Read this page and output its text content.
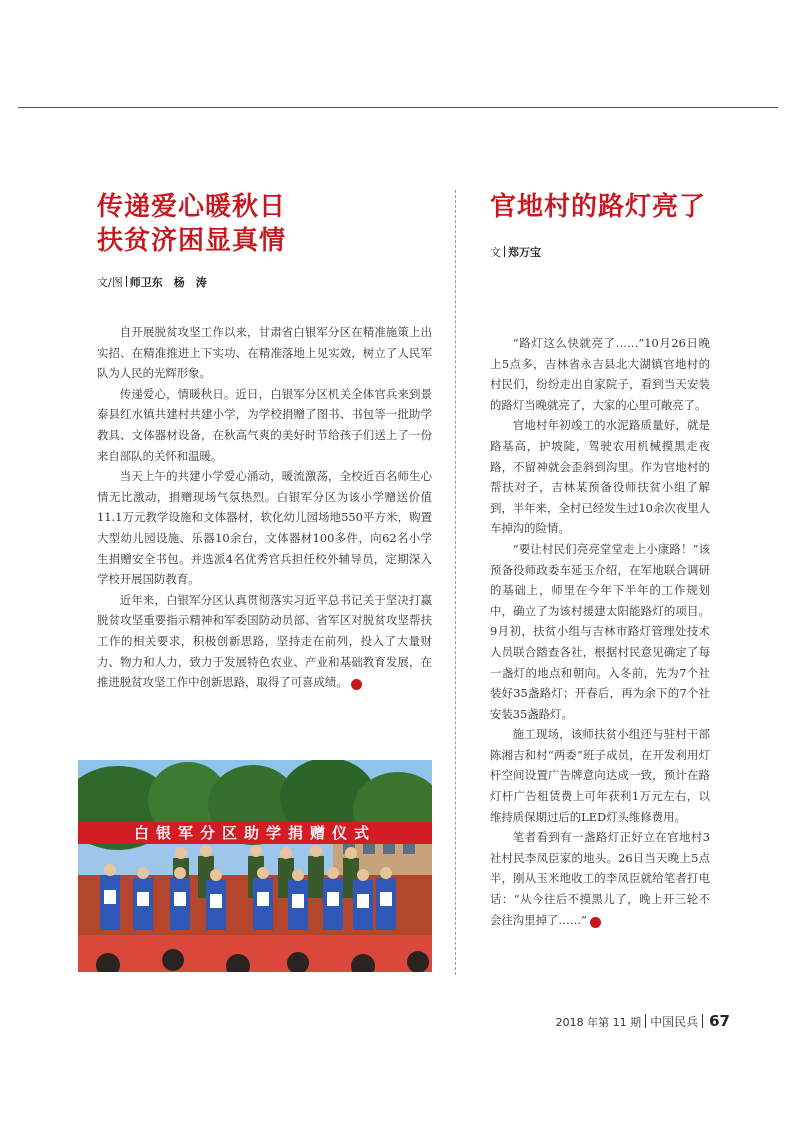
传递爱心暖秋日
扶贫济困显真情
文/图 师卫东　杨　涛

自开展脱贫攻坚工作以来，甘肃省白银军分区在精准施策上出实招、在精准推进上下实功、在精准落地上见实效，树立了人民军队为人民的光辉形象。

传递爱心，情暖秋日。近日，白银军分区机关全体官兵来到景泰县红水镇共建村共建小学，为学校捐赠了图书、书包等一批助学教具、文体器材设备，在秋高气爽的美好时节给孩子们送上了一份来自部队的关怀和温暖。

当天上午的共建小学爱心涌动，暖流激荡，全校近百名师生心情无比激动，捐赠现场气氛热烈。白银军分区为该小学赠送价值11.1万元教学设施和文体器材，软化幼儿园场地550平方米，购置大型幼儿园设施、乐器10余台，文体器材100多件，向62名小学生捐赠安全书包。并选派4名优秀官兵担任校外辅导员，定期深入学校开展国防教育。

近年来，白银军分区认真贯彻落实习近平总书记关于坚决打赢脱贫攻坚重要指示精神和军委国防动员部、省军区对脱贫攻坚帮扶工作的相关要求，积极创新思路，坚持走在前列，投入了大量财力、物力和人力，致力于发展特色农业、产业和基础教育发展，在推进脱贫攻坚工作中创新思路，取得了可喜成绩。	兵

白银军分区助学捐赠仪式
官地村的路灯亮了
文 郑万宝

“路灯这么快就亮了……”10月26日晚上5点多，吉林省永吉县北大湖镇官地村的村民们，纷纷走出自家院子，看到当天安装的路灯当晚就亮了，大家的心里可敞亮了。

官地村年初竣工的水泥路质量好，就是路基高，护坡陡，驾驶农用机械摸黑走夜路，不留神就会歪斜到沟里。作为官地村的帮扶对子，吉林某预备役师扶贫小组了解到，半年来，全村已经发生过10余次夜里人车掉沟的险情。

“要让村民们亮亮堂堂走上小康路！”该预备役师政委车延玉介绍，在军地联合调研的基础上，师里在今年下半年的工作规划中，确立了为该村援建太阳能路灯的项目。9月初，扶贫小组与吉林市路灯管理处技术人员联合踏查各社，根据村民意见确定了每一盏灯的地点和朝向。入冬前，先为7个社装好35盏路灯；开春后，再为余下的7个社安装35盏路灯。

施工现场，该师扶贫小组还与驻村干部陈湘吉和村“两委”班子成员，在开发利用灯杆空间设置广告牌意向达成一致，预计在路灯杆广告租赁费上可年获利1万元左右，以维持质保期过后的LED灯头维修费用。

笔者看到有一盏路灯正好立在官地村3社村民李凤臣家的地头。26日当天晚上5点半，刚从玉米地收工的李凤臣就给笔者打电话：“从今往后不摸黑儿了，晚上开三轮不会往沟里掉了……”	兵

2018 年第 11 期 中国民兵 67
